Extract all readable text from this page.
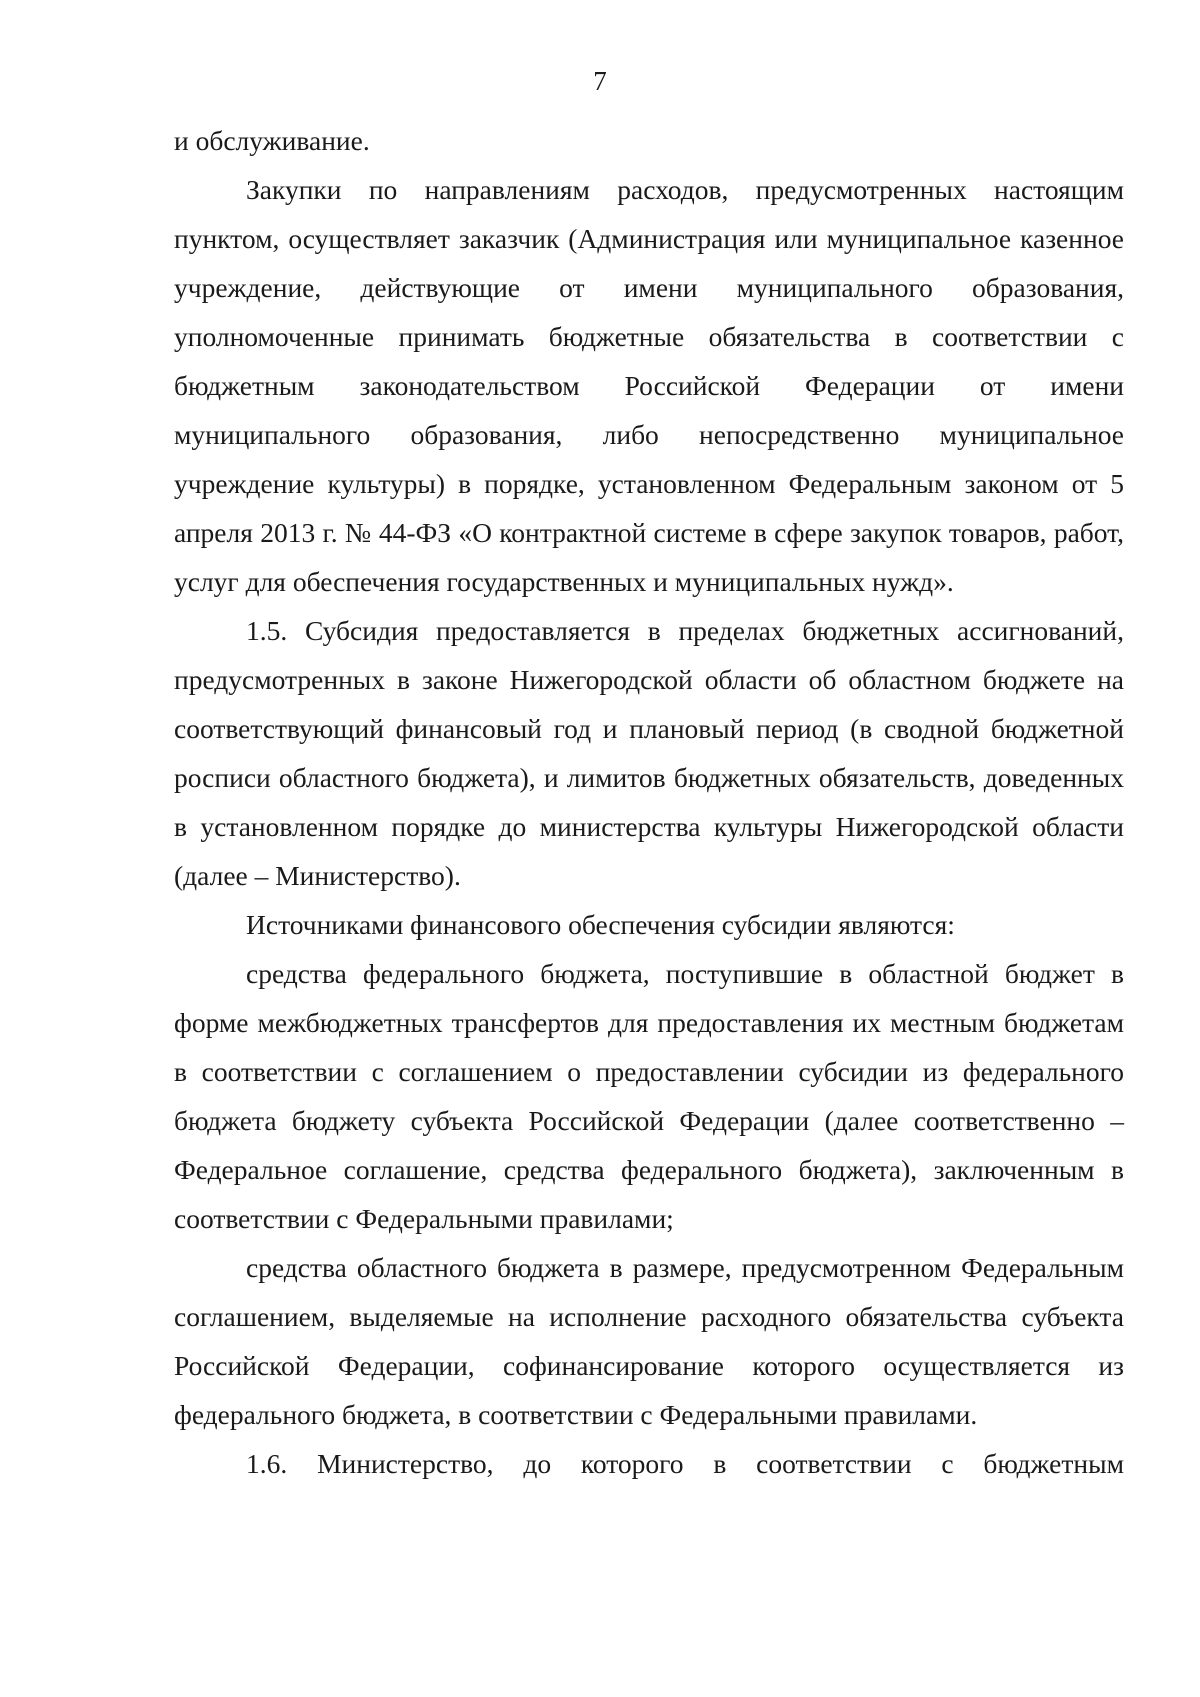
7

и обслуживание.

Закупки по направлениям расходов, предусмотренных настоящим пунктом, осуществляет заказчик (Администрация или муниципальное казенное учреждение, действующие от имени муниципального образования, уполномоченные принимать бюджетные обязательства в соответствии с бюджетным законодательством Российской Федерации от имени муниципального образования, либо непосредственно муниципальное учреждение культуры) в порядке, установленном Федеральным законом от 5 апреля 2013 г. № 44-ФЗ «О контрактной системе в сфере закупок товаров, работ, услуг для обеспечения государственных и муниципальных нужд».

1.5. Субсидия предоставляется в пределах бюджетных ассигнований, предусмотренных в законе Нижегородской области об областном бюджете на соответствующий финансовый год и плановый период (в сводной бюджетной росписи областного бюджета), и лимитов бюджетных обязательств, доведенных в установленном порядке до министерства культуры Нижегородской области (далее – Министерство).

Источниками финансового обеспечения субсидии являются:

средства федерального бюджета, поступившие в областной бюджет в форме межбюджетных трансфертов для предоставления их местным бюджетам в соответствии с соглашением о предоставлении субсидии из федерального бюджета бюджету субъекта Российской Федерации (далее соответственно – Федеральное соглашение, средства федерального бюджета), заключенным в соответствии с Федеральными правилами;

средства областного бюджета в размере, предусмотренном Федеральным соглашением, выделяемые на исполнение расходного обязательства субъекта Российской Федерации, софинансирование которого осуществляется из федерального бюджета, в соответствии с Федеральными правилами.

1.6. Министерство, до которого в соответствии с бюджетным
